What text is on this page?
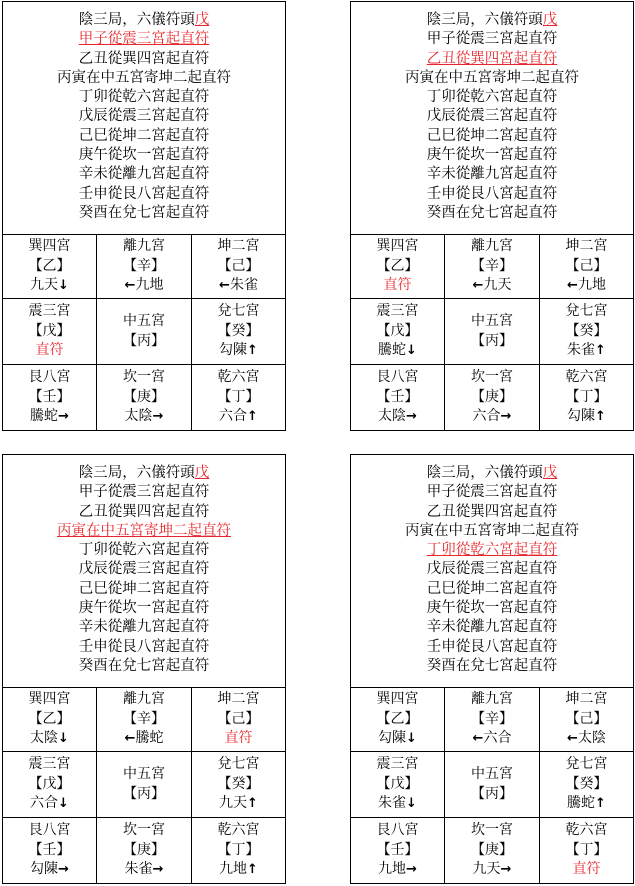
陰三局，六儀符頭戊
甲子從震三宮起直符
乙丑從巽四宮起直符
丙寅在中五宮寄坤二起直符
丁卯從乾六宮起直符
戊辰從震三宮起直符
己巳從坤二宮起直符
庚午從坎一宮起直符
辛未從離九宮起直符
壬申從艮八宮起直符
癸酉在兌七宮起直符
巽四宮
【乙】
九天↓
離九宮
【辛】
←九地
坤二宮
【己】
←朱雀
震三宮
【戊】
直符
中五宮
【丙】
兌七宮
【癸】
勾陳↑
艮八宮
【壬】
騰蛇→
坎一宮
【庚】
太陰→
乾六宮
【丁】
六合↑
陰三局，六儀符頭戊
甲子從震三宮起直符
乙丑從巽四宮起直符
丙寅在中五宮寄坤二起直符
丁卯從乾六宮起直符
戊辰從震三宮起直符
己巳從坤二宮起直符
庚午從坎一宮起直符
辛未從離九宮起直符
壬申從艮八宮起直符
癸酉在兌七宮起直符
巽四宮
【乙】
直符
離九宮
【辛】
←九天
坤二宮
【己】
←九地
震三宮
【戊】
騰蛇↓
中五宮
【丙】
兌七宮
【癸】
朱雀↑
艮八宮
【壬】
太陰→
坎一宮
【庚】
六合→
乾六宮
【丁】
勾陳↑
陰三局，六儀符頭戊
甲子從震三宮起直符
乙丑從巽四宮起直符
丙寅在中五宮寄坤二起直符
丁卯從乾六宮起直符
戊辰從震三宮起直符
己巳從坤二宮起直符
庚午從坎一宮起直符
辛未從離九宮起直符
壬申從艮八宮起直符
癸酉在兌七宮起直符
巽四宮
【乙】
太陰↓
離九宮
【辛】
←騰蛇
坤二宮
【己】
直符
震三宮
【戊】
六合↓
中五宮
【丙】
兌七宮
【癸】
九天↑
艮八宮
【壬】
勾陳→
坎一宮
【庚】
朱雀→
乾六宮
【丁】
九地↑
陰三局，六儀符頭戊
甲子從震三宮起直符
乙丑從巽四宮起直符
丙寅在中五宮寄坤二起直符
丁卯從乾六宮起直符
戊辰從震三宮起直符
己巳從坤二宮起直符
庚午從坎一宮起直符
辛未從離九宮起直符
壬申從艮八宮起直符
癸酉在兌七宮起直符
巽四宮
【乙】
勾陳↓
離九宮
【辛】
←六合
坤二宮
【己】
←太陰
震三宮
【戊】
朱雀↓
中五宮
【丙】
兌七宮
【癸】
騰蛇↑
艮八宮
【壬】
九地→
坎一宮
【庚】
九天→
乾六宮
【丁】
直符
